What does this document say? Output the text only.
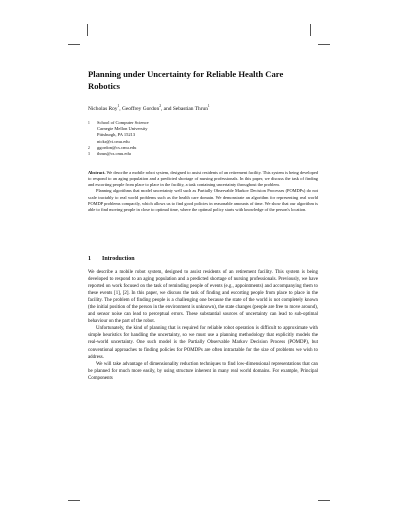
Planning under Uncertainty for Reliable Health Care
Robotics
Nicholas Roy$^1$, Geoffrey Gordon$^2$, and Sebastian Thrun$^1$
1	School of Computer Science
Carnegie Mellon University
Pittsburgh, PA 15213
nickr@ri.cmu.edu
2	ggordon@cs.cmu.edu
3	thrun@cs.cmu.edu

Abstract. We describe a mobile robot system, designed to assist residents of an retirement facility. This system is being developed to respond to an aging population and a predicted shortage of nursing professionals. In this paper, we discuss the task of finding and escorting people from place to place in the facility, a task containing uncertainty throughout the problem.

Planning algorithms that model uncertainty well such as Partially Observable Markov Decision Processes (POMDPs) do not scale tractably to real world problems such as the health care domain. We demonstrate an algorithm for representing real world POMDP problems compactly, which allows us to find good policies in reasonable amounts of time. We show that our algorithm is able to find moving people in close to optimal time, where the optimal policy starts with knowledge of the person's location.

1 Introduction

We describe a mobile robot system, designed to assist residents of an retirement facility. This system is being developed to respond to an aging population and a predicted shortage of nursing professionals. Previously, we have reported on work focused on the task of reminding people of events (e.g., appointments) and accompanying them to these events [1], [2]. In this paper, we discuss the task of finding and escorting people from place to place in the facility. The problem of finding people is a challenging one because the state of the world is not completely known (the initial position of the person in the environment is unknown), the state changes (people are free to move around), and sensor noise can lead to perceptual errors. These substantial sources of uncertainty can lead to sub-optimal behaviour on the part of the robot.

Unfortunately, the kind of planning that is required for reliable robot operation is difficult to approximate with simple heuristics for handling the uncertainty, so we must use a planning methodology that explicitly models the real-world uncertainty. One such model is the Partially Observable Markov Decision Process (POMDP), but conventional approaches to finding policies for POMDPs are often intractable for the size of problems we wish to address.

We will take advantage of dimensionality reduction techniques to find low-dimensional representations that can be planned for much more easily, by using structure inherent in many real world domains. For example, Principal Components
